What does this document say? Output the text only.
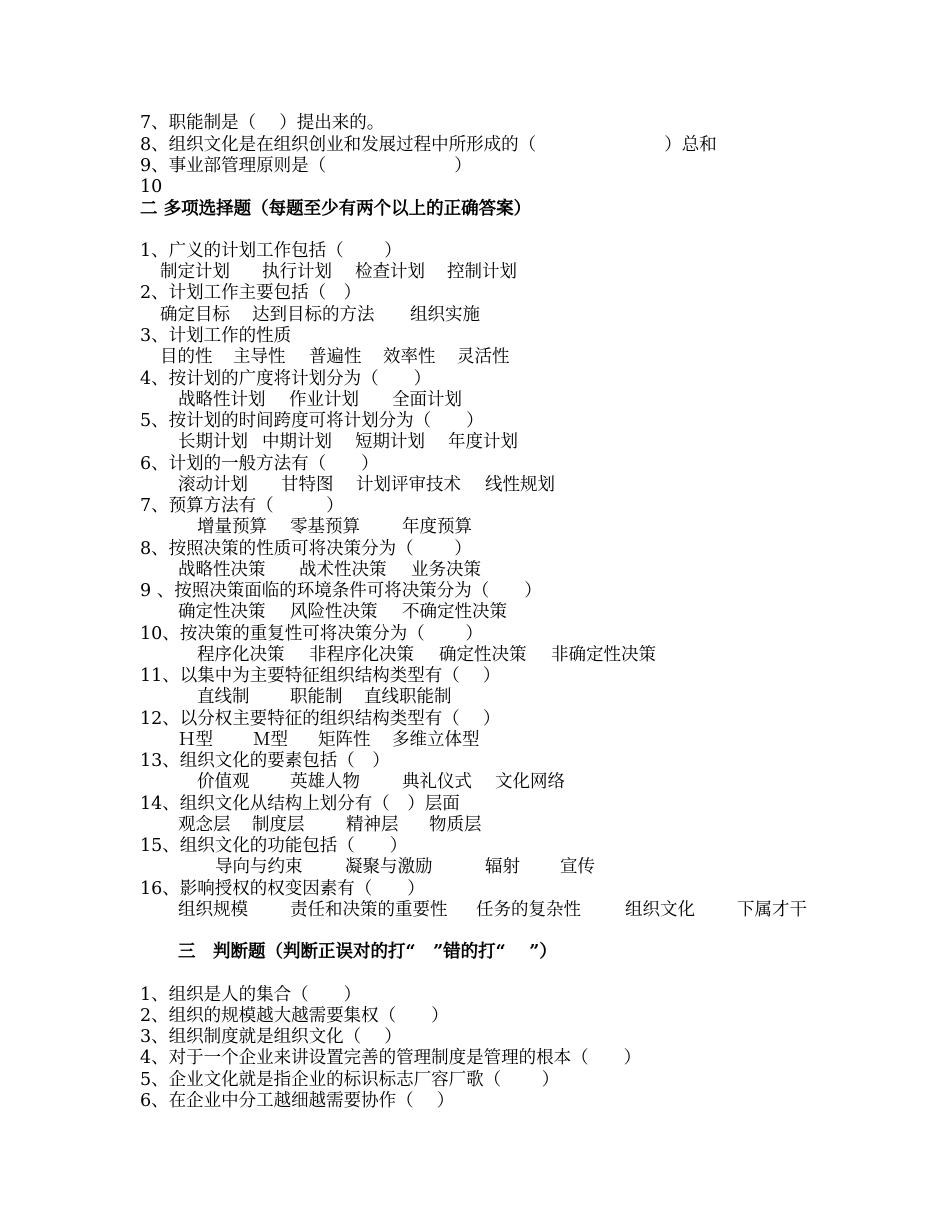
7、职能制是（　 ）提出来的。
8、组织文化是在组织创业和发展过程中所形成的（　　　　　　　 ）总和
9、事业部管理原则是（　　　　　　　 ）
10
二 多项选择题（每题至少有两个以上的正确答案）
1、广义的计划工作包括（　　 ）

制定计划

执行计划

检查计划

控制计划

2、计划工作主要包括（　）

确定目标

达到目标的方法

组织实施

3、计划工作的性质

目的性

主导性

普遍性

效率性

灵活性

4、按计划的广度将计划分为（　　）

战略性计划

作业计划

全面计划

5、按计划的时间跨度可将计划分为（　　）

长期计划

中期计划

短期计划

年度计划

6、计划的一般方法有（　　）

滚动计划

甘特图

计划评审技术

线性规划

7、预算方法有（　　　）

增量预算

零基预算

年度预算

8、按照决策的性质可将决策分为（　　 ）

战略性决策

战术性决策

业务决策

9 、按照决策面临的环境条件可将决策分为（　　）

确定性决策

风险性决策

不确定性决策

10、按决策的重复性可将决策分为（　　 ）

程序化决策

非程序化决策

确定性决策

非确定性决策

11、以集中为主要特征组织结构类型有（　 ）

直线制

职能制

直线职能制

12、以分权主要特征的组织结构类型有（　 ）

Ｈ型

Ｍ型

矩阵性

多维立体型

13、组织文化的要素包括（　）

价值观

英雄人物

典礼仪式

文化网络

14、组织文化从结构上划分有（　）层面

观念层

制度层

精神层

物质层

15、组织文化的功能包括（　　）

导向与约束

凝聚与激励

	辐射

宣传

16、影响授权的权变因素有（　　）

组织规模

责任和决策的重要性

任务的复杂性

	组织文化

下属才干

三　判断题（判断正误对的打“　”错的打“　 ”）
1、组织是人的集合（　　）
2、组织的规模越大越需要集权（　　）
3、组织制度就是组织文化（　 ）
4、对于一个企业来讲设置完善的管理制度是管理的根本（　　）
5、企业文化就是指企业的标识标志厂容厂歌（　　 ）
6、在企业中分工越细越需要协作（　 ）
